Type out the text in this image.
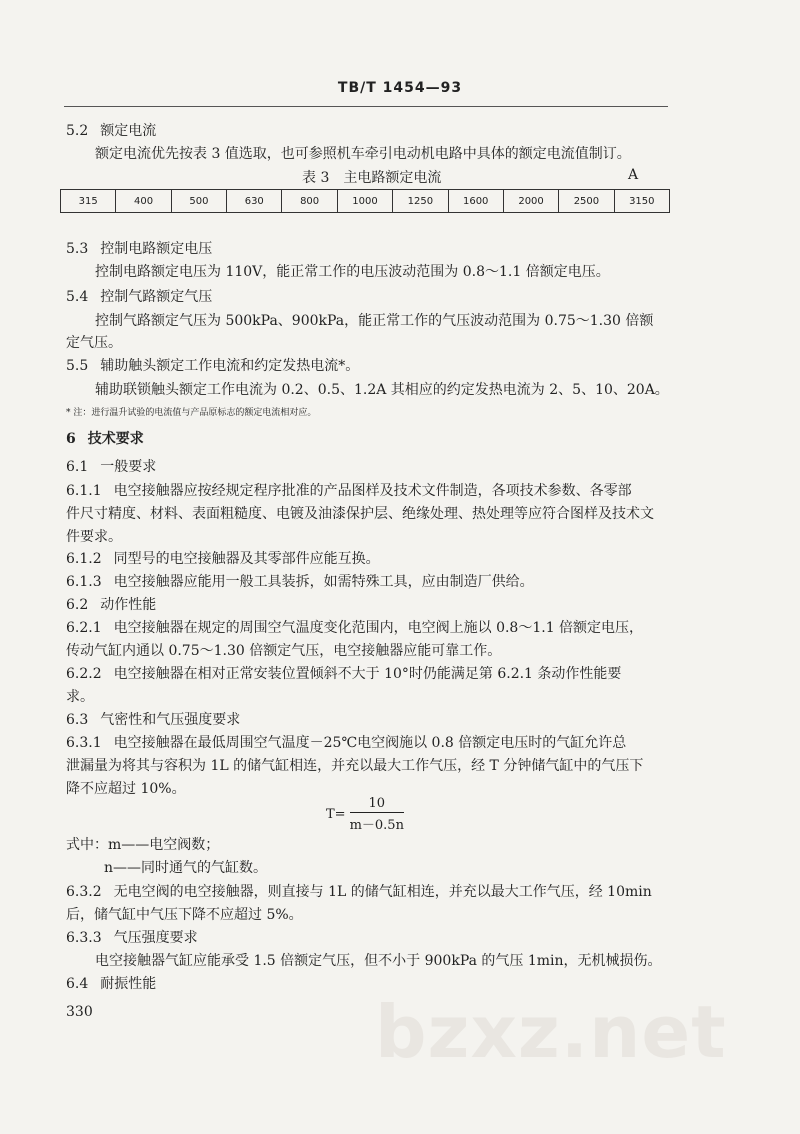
TB/T 1454—93
5.2 额定电流
额定电流优先按表 3 值选取，也可参照机车牵引电动机电路中具体的额定电流值制订。
表 3 主电路额定电流	A
315	400	500	630	800	1000	1250	1600	2000	2500	3150
5.3 控制电路额定电压
控制电路额定电压为 110V，能正常工作的电压波动范围为 0.8～1.1 倍额定电压。
5.4 控制气路额定气压
控制气路额定气压为 500kPa、900kPa，能正常工作的气压波动范围为 0.75～1.30 倍额
定气压。
5.5 辅助触头额定工作电流和约定发热电流*。
辅助联锁触头额定工作电流为 0.2、0.5、1.2A 其相应的约定发热电流为 2、5、10、20A。
* 注：进行温升试验的电流值与产品原标志的额定电流相对应。
6 技术要求
6.1 一般要求
6.1.1 电空接触器应按经规定程序批准的产品图样及技术文件制造，各项技术参数、各零部
件尺寸精度、材料、表面粗糙度、电镀及油漆保护层、绝缘处理、热处理等应符合图样及技术文
件要求。
6.1.2 同型号的电空接触器及其零部件应能互换。
6.1.3 电空接触器应能用一般工具装拆，如需特殊工具，应由制造厂供给。
6.2 动作性能
6.2.1 电空接触器在规定的周围空气温度变化范围内，电空阀上施以 0.8～1.1 倍额定电压，
传动气缸内通以 0.75～1.30 倍额定气压，电空接触器应能可靠工作。
6.2.2 电空接触器在相对正常安装位置倾斜不大于 10°时仍能满足第 6.2.1 条动作性能要
求。
6.3 气密性和气压强度要求
6.3.1 电空接触器在最低周围空气温度－25℃电空阀施以 0.8 倍额定电压时的气缸允许总
泄漏量为将其与容积为 1L 的储气缸相连，并充以最大工作气压，经 T 分钟储气缸中的气压下
降不应超过 10%。
$T= \frac{10}{m-0.5n}$
式中：m——电空阀数；
n——同时通气的气缸数。
6.3.2 无电空阀的电空接触器，则直接与 1L 的储气缸相连，并充以最大工作气压，经 10min
后，储气缸中气压下降不应超过 5%。
6.3.3 气压强度要求
电空接触器气缸应能承受 1.5 倍额定气压，但不小于 900kPa 的气压 1min，无机械损伤。
6.4 耐振性能
330	bzxz.net
